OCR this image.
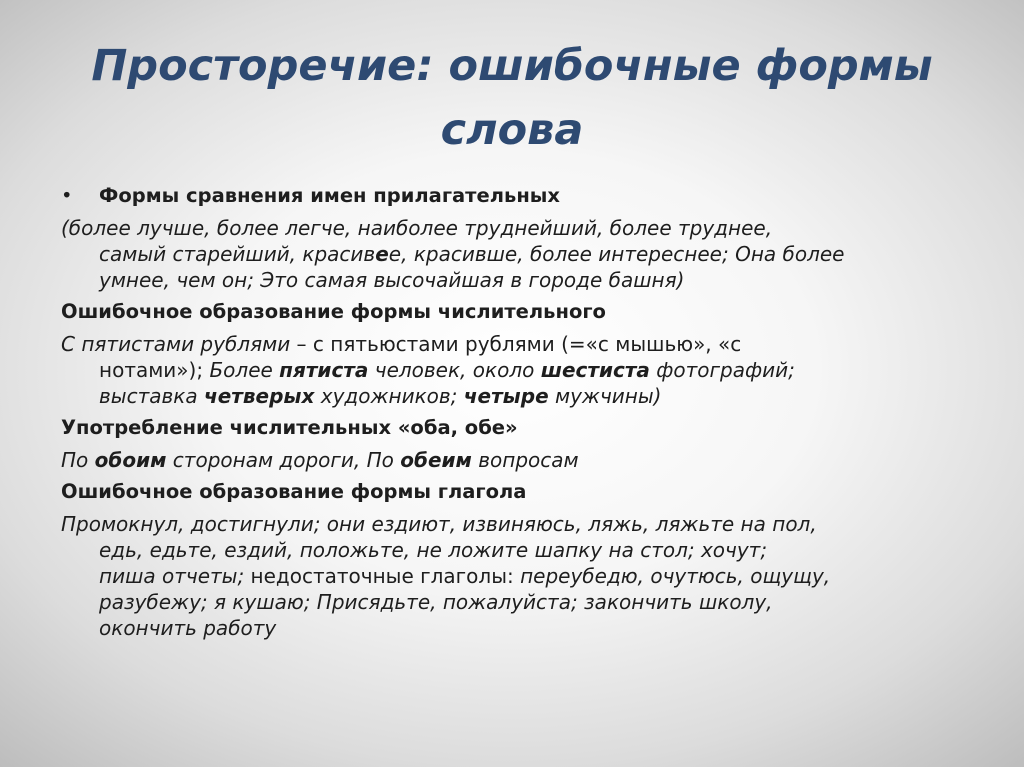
Просторечие: ошибочные формы
слова
• Формы сравнения имен прилагательных
(более лучше, более легче, наиболее труднейший, более труднее,
самый старейший, красивее, красивше, более интереснее; Она более
умнее, чем он; Это самая высочайшая в городе башня)
Ошибочное образование формы числительного
С пятистами рублями – с пятьюстами рублями (=«с мышью», «с
нотами»); Более пятиста человек, около шестиста фотографий;
выставка четверых художников; четыре мужчины)
Употребление числительных «оба, обе»
По обоим сторонам дороги, По обеим вопросам
Ошибочное образование формы глагола
Промокнул, достигнули; они ездиют, извиняюсь, ляжь, ляжьте на пол,
едь, едьте, ездий, положьте, не ложите шапку на стол; хочут;
пиша отчеты; недостаточные глаголы: переубедю, очутюсь, ощущу,
разубежу; я кушаю; Присядьте, пожалуйста; закончить школу,
окончить работу
